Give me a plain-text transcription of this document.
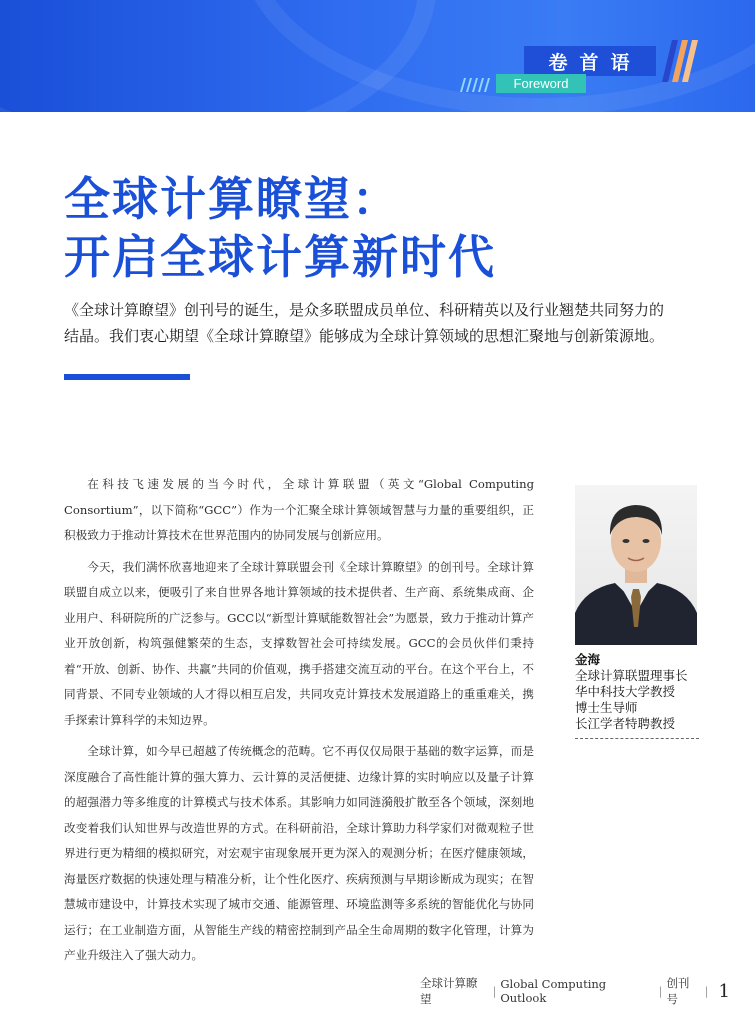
卷首语
Foreword
全球计算瞭望：
开启全球计算新时代
《全球计算瞭望》创刊号的诞生，是众多联盟成员单位、科研精英以及行业翘楚共同努力的结晶。我们衷心期望《全球计算瞭望》能够成为全球计算领域的思想汇聚地与创新策源地。

在科技飞速发展的当今时代，全球计算联盟（英文“Global Computing Consortium”，以下简称“GCC”）作为一个汇聚全球计算领域智慧与力量的重要组织，正积极致力于推动计算技术在世界范围内的协同发展与创新应用。

今天，我们满怀欣喜地迎来了全球计算联盟会刊《全球计算瞭望》的创刊号。全球计算联盟自成立以来，便吸引了来自世界各地计算领域的技术提供者、生产商、系统集成商、企业用户、科研院所的广泛参与。GCC以“新型计算赋能数智社会”为愿景，致力于推动计算产业开放创新，构筑强健繁荣的生态，支撑数智社会可持续发展。GCC的会员伙伴们秉持着“开放、创新、协作、共赢”共同的价值观，携手搭建交流互动的平台。在这个平台上，不同背景、不同专业领域的人才得以相互启发，共同攻克计算技术发展道路上的重重难关，携手探索计算科学的未知边界。

全球计算，如今早已超越了传统概念的范畴。它不再仅仅局限于基础的数字运算，而是深度融合了高性能计算的强大算力、云计算的灵活便捷、边缘计算的实时响应以及量子计算的超强潜力等多维度的计算模式与技术体系。其影响力如同涟漪般扩散至各个领域，深刻地改变着我们认知世界与改造世界的方式。在科研前沿，全球计算助力科学家们对微观粒子世界进行更为精细的模拟研究，对宏观宇宙现象展开更为深入的观测分析；在医疗健康领域，海量医疗数据的快速处理与精准分析，让个性化医疗、疾病预测与早期诊断成为现实；在智慧城市建设中，计算技术实现了城市交通、能源管理、环境监测等多系统的智能优化与协同运行；在工业制造方面，从智能生产线的精密控制到产品全生命周期的数字化管理，计算为产业升级注入了强大动力。

金海
全球计算联盟理事长
华中科技大学教授
博士生导师
长江学者特聘教授
全球计算瞭望
| Global Computing Outlook	|
创刊号
| 1
